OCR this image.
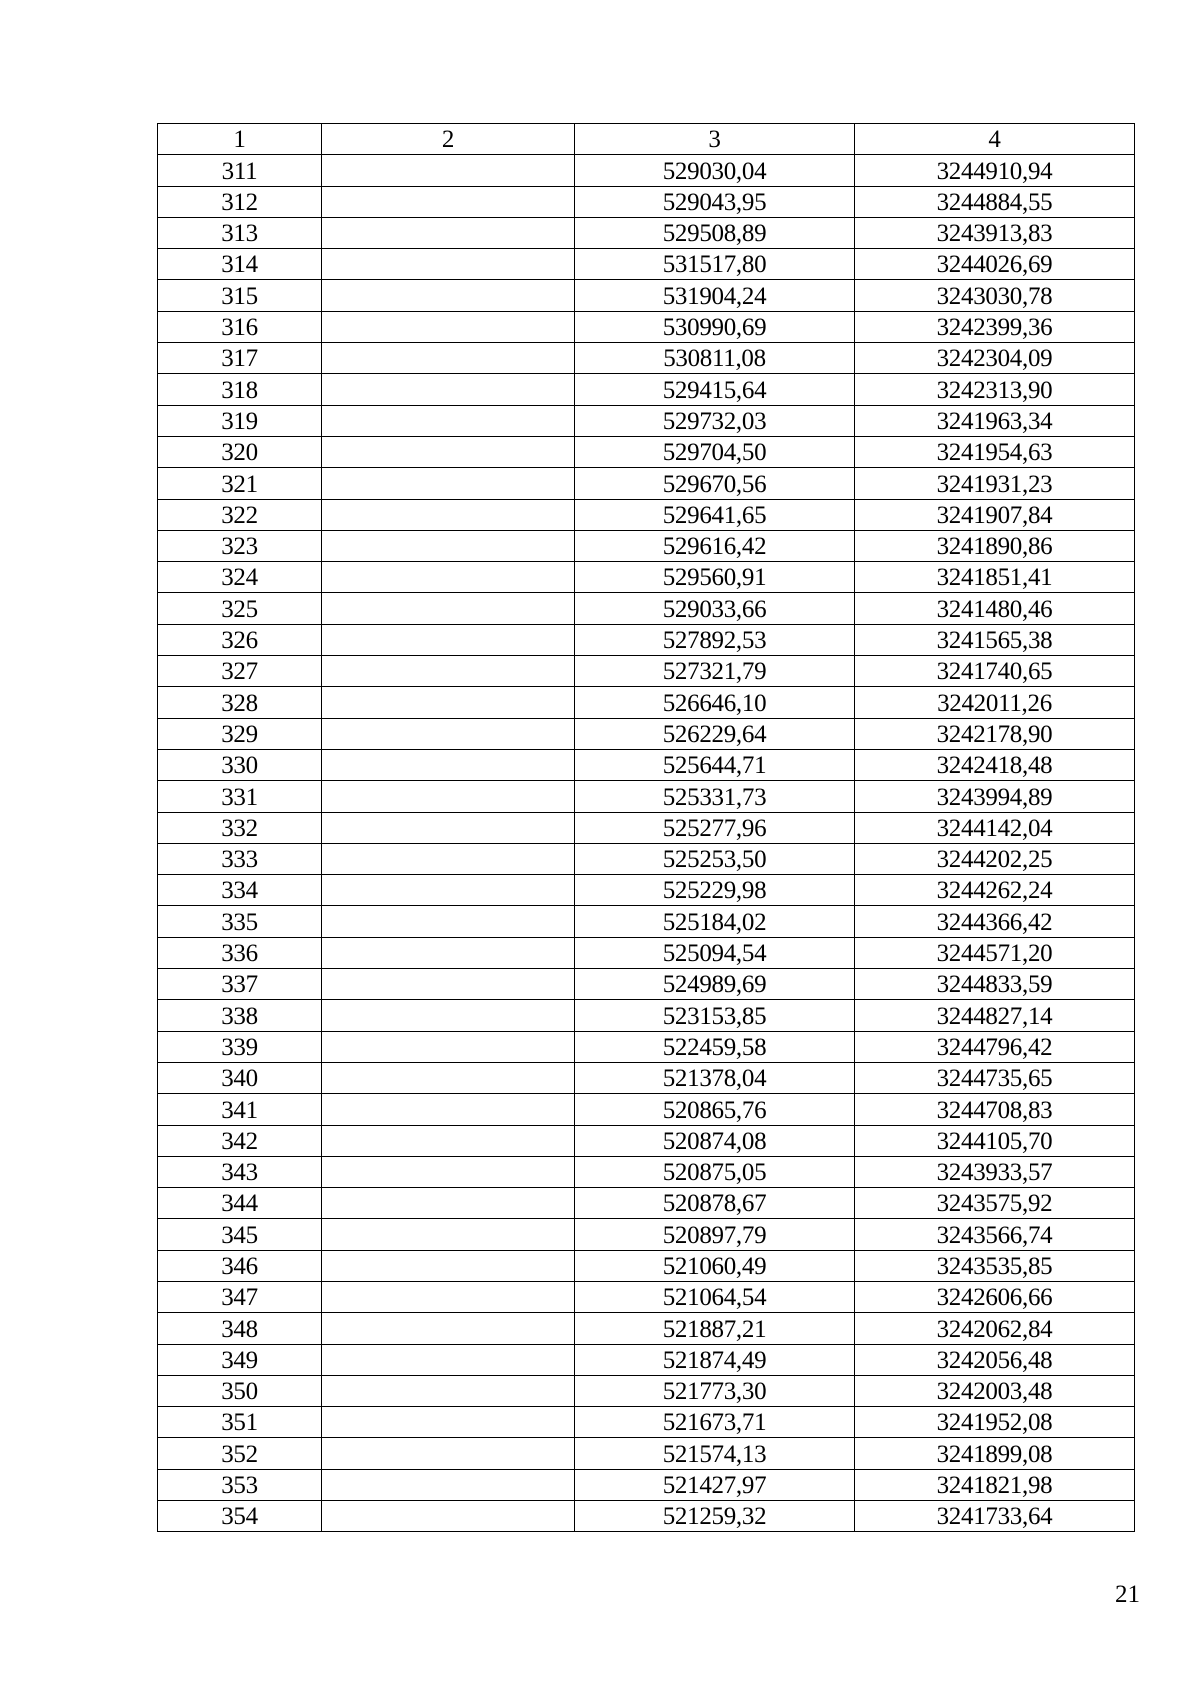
1	2	3	4
311		529030,04	3244910,94
312		529043,95	3244884,55
313		529508,89	3243913,83
314		531517,80	3244026,69
315		531904,24	3243030,78
316		530990,69	3242399,36
317		530811,08	3242304,09
318		529415,64	3242313,90
319		529732,03	3241963,34
320		529704,50	3241954,63
321		529670,56	3241931,23
322		529641,65	3241907,84
323		529616,42	3241890,86
324		529560,91	3241851,41
325		529033,66	3241480,46
326		527892,53	3241565,38
327		527321,79	3241740,65
328		526646,10	3242011,26
329		526229,64	3242178,90
330		525644,71	3242418,48
331		525331,73	3243994,89
332		525277,96	3244142,04
333		525253,50	3244202,25
334		525229,98	3244262,24
335		525184,02	3244366,42
336		525094,54	3244571,20
337		524989,69	3244833,59
338		523153,85	3244827,14
339		522459,58	3244796,42
340		521378,04	3244735,65
341		520865,76	3244708,83
342		520874,08	3244105,70
343		520875,05	3243933,57
344		520878,67	3243575,92
345		520897,79	3243566,74
346		521060,49	3243535,85
347		521064,54	3242606,66
348		521887,21	3242062,84
349		521874,49	3242056,48
350		521773,30	3242003,48
351		521673,71	3241952,08
352		521574,13	3241899,08
353		521427,97	3241821,98
354		521259,32	3241733,64
21
